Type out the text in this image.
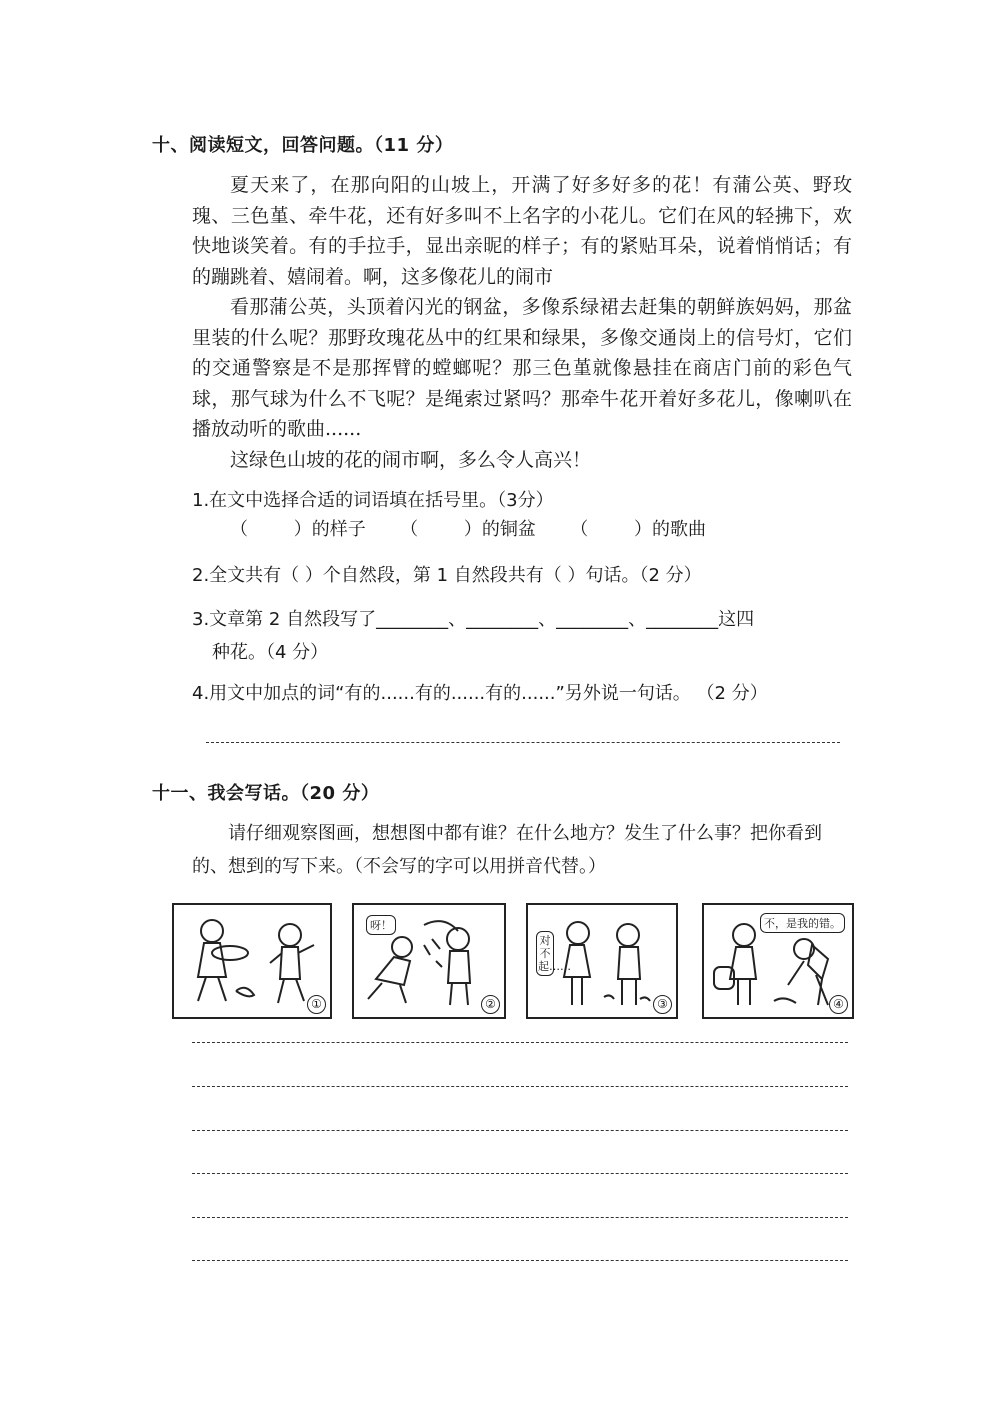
十、阅读短文，回答问题。（11 分）

夏天来了，在那向阳的山坡上，开满了好多好多的花！有蒲公英、野玫瑰、三色堇、牵牛花，还有好多叫不上名字的小花儿。它们在风的轻拂下，欢快地谈笑着。有的手拉手，显出亲昵的样子；有的紧贴耳朵，说着悄悄话；有的蹦跳着、嬉闹着。啊，这多像花儿的闹市

看那蒲公英，头顶着闪光的钢盆，多像系绿裙去赶集的朝鲜族妈妈，那盆里装的什么呢？那野玫瑰花丛中的红果和绿果，多像交通岗上的信号灯，它们的交通警察是不是那挥臂的螳螂呢？那三色堇就像悬挂在商店门前的彩色气球，那气球为什么不飞呢？是绳索过紧吗？那牵牛花开着好多花儿，像喇叭在播放动听的歌曲......

这绿色山坡的花的闹市啊，多么令人高兴！

1.在文中选择合适的词语填在括号里。（3分）
（        ）的样子      （        ）的铜盆      （        ）的歌曲
2.全文共有（ ）个自然段，第 1 自然段共有（ ）句话。（2 分）
3.文章第 2 自然段写了________、________、________、________这四
种花。（4 分）
4.用文中加点的词“有的......有的......有的......”另外说一句话。 （2 分）
十一、我会写话。（20 分）
请仔细观察图画，想想图中都有谁？在什么地方？发生了什么事？把你看到的、想到的写下来。（不会写的字可以用拼音代替。）
①
呀！
②
对不起……
③
不，是我的错。
④
